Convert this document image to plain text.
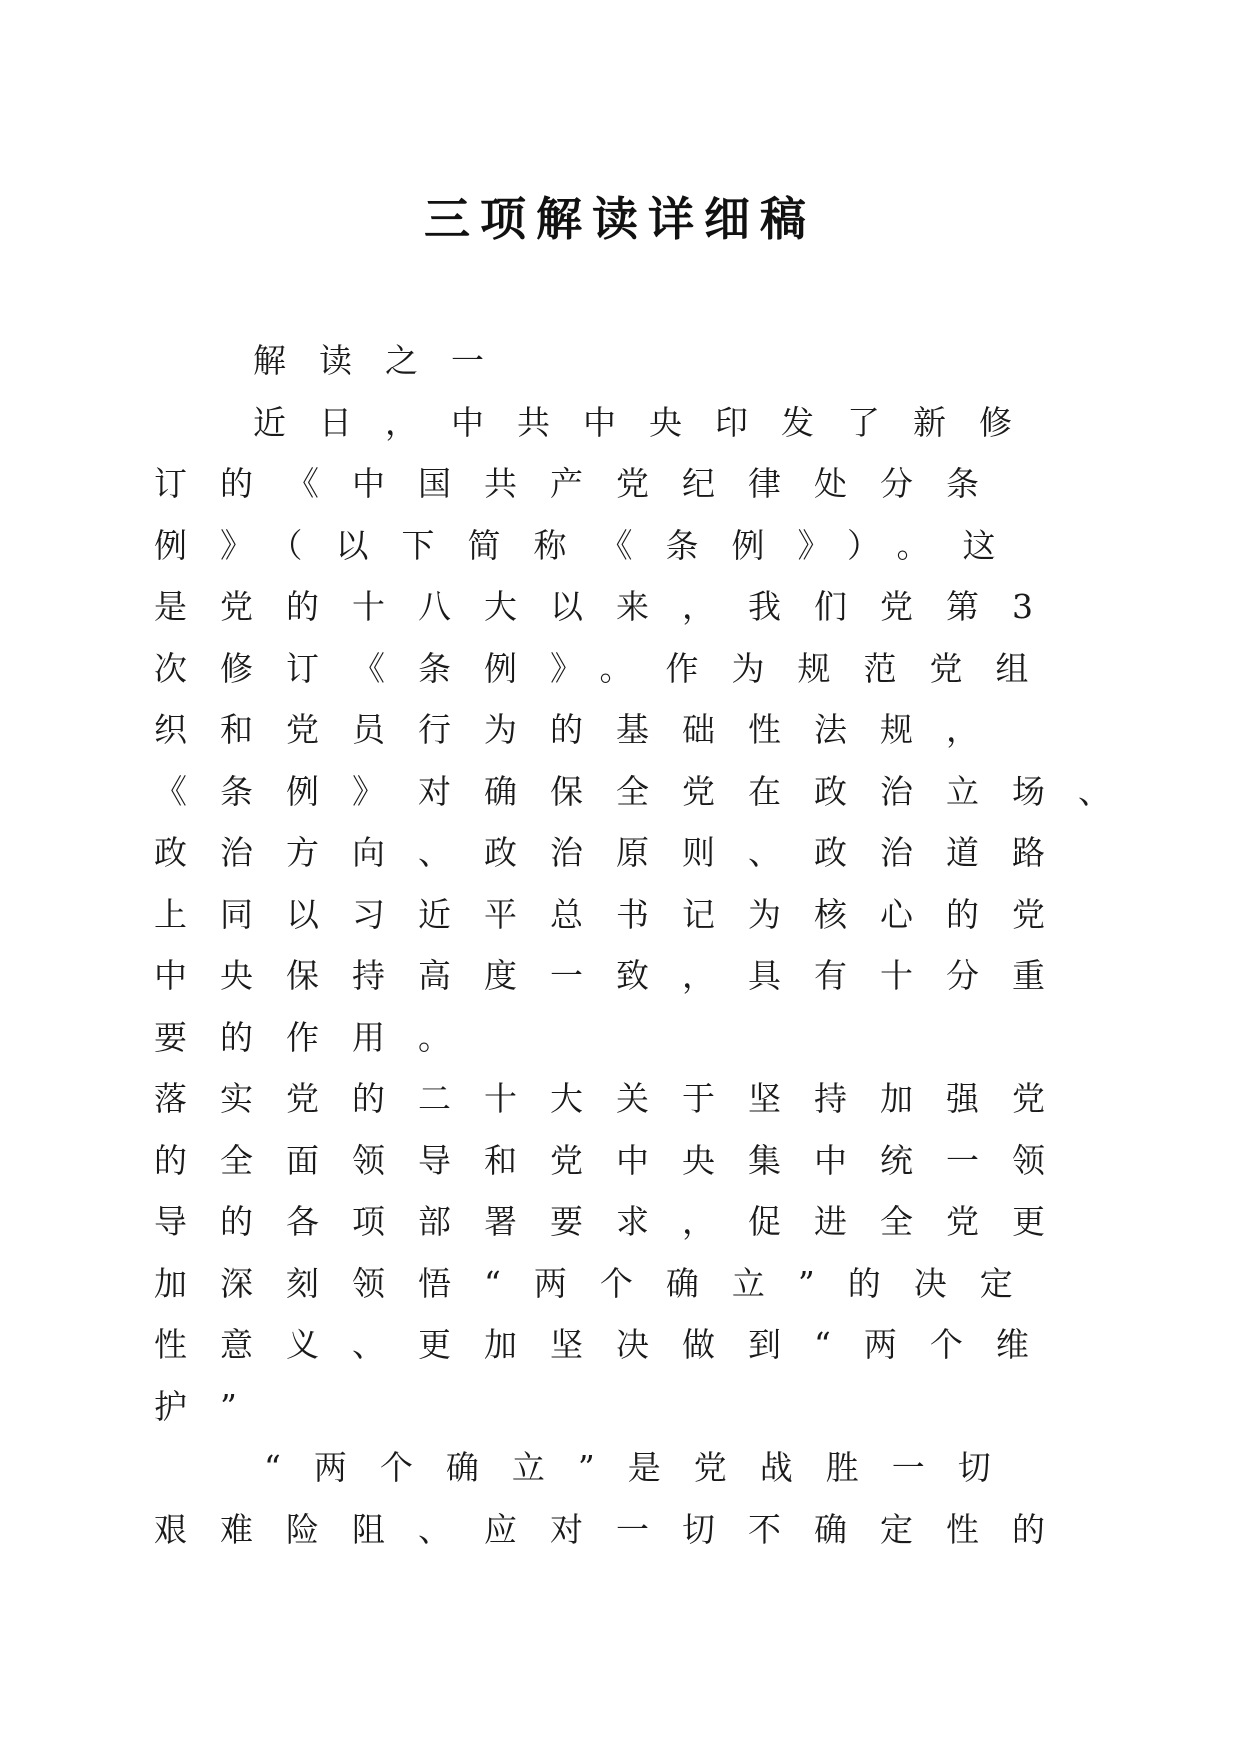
三项解读详细稿
解读之一
近日，中共中央印发了新修
订的《中国共产党纪律处分条
例》（以下简称《条例》）。这
是党的十八大以来，我们党第3
次修订《条例》。作为规范党组
织和党员行为的基础性法规，
《条例》对确保全党在政治立场、
政治方向、政治原则、政治道路
上同以习近平总书记为核心的党
中央保持高度一致，具有十分重
要的作用。
落实党的二十大关于坚持加强党
的全面领导和党中央集中统一领
导的各项部署要求，促进全党更
加深刻领悟“两个确立”的决定
性意义、更加坚决做到“两个维
护”
“两个确立”是党战胜一切
艰难险阻、应对一切不确定性的
